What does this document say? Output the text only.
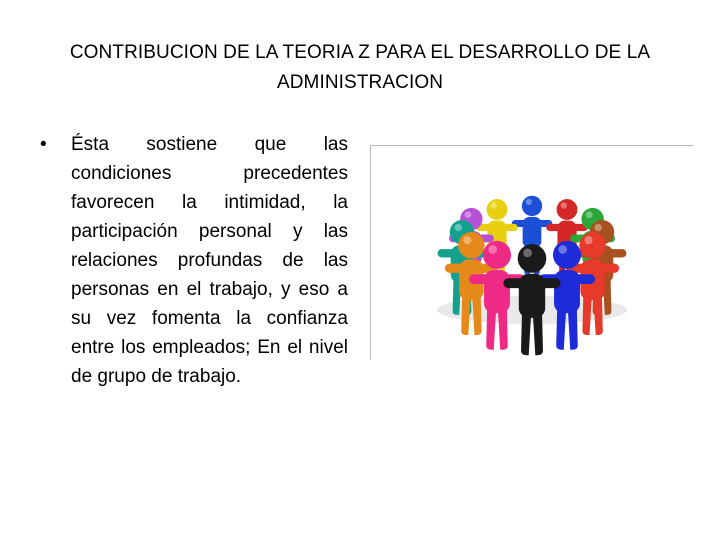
CONTRIBUCION DE LA TEORIA Z PARA EL DESARROLLO DE LA
ADMINISTRACION
• Ésta sostiene que las condiciones precedentes favorecen la intimidad, la participación personal y las relaciones profundas de las personas en el trabajo, y eso a su vez fomenta la confianza entre los empleados; En el nivel de grupo de trabajo.
